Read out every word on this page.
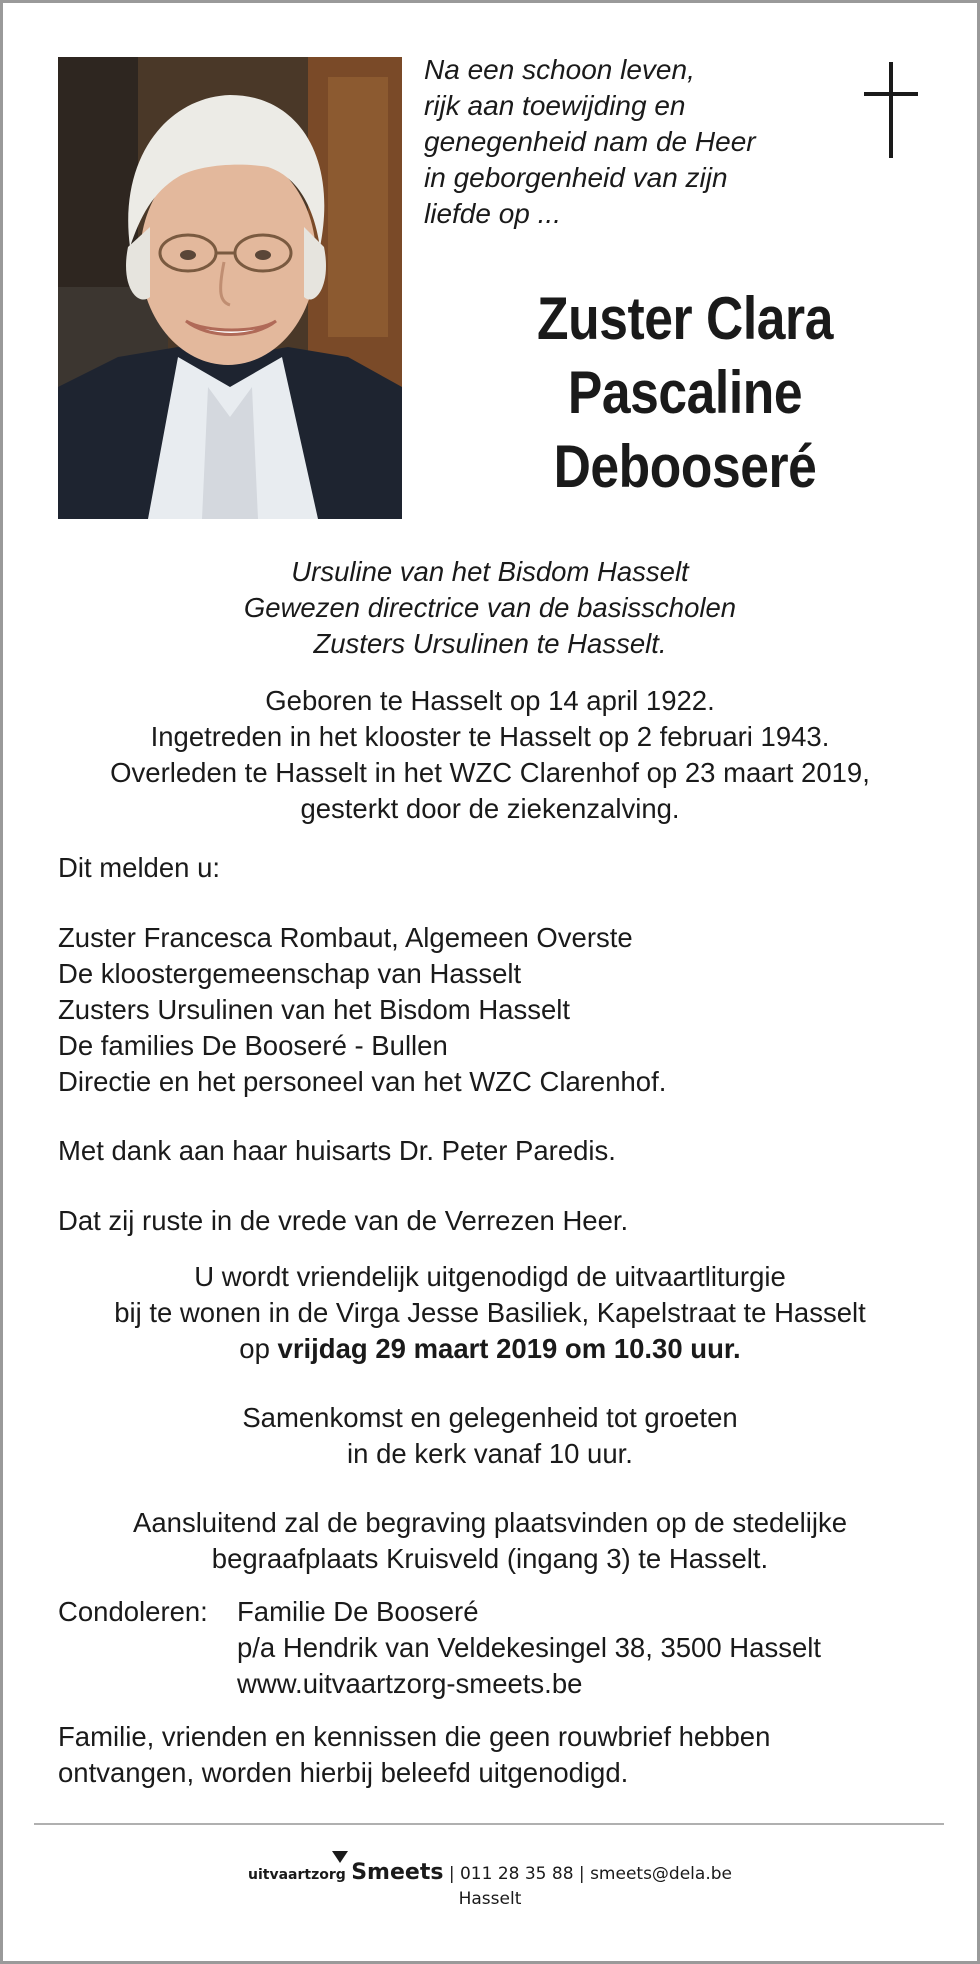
Na een schoon leven,
rijk aan toewijding en
genegenheid nam de Heer
in geborgenheid van zijn
liefde op ...
Zuster Clara
Pascaline
Debooseré
Ursuline van het Bisdom Hasselt
Gewezen directrice van de basisscholen
Zusters Ursulinen te Hasselt.
Geboren te Hasselt op 14 april 1922.
Ingetreden in het klooster te Hasselt op 2 februari 1943.
Overleden te Hasselt in het WZC Clarenhof op 23 maart 2019,
gesterkt door de ziekenzalving.
Dit melden u:
Zuster Francesca Rombaut, Algemeen Overste
De kloostergemeenschap van Hasselt
Zusters Ursulinen van het Bisdom Hasselt
De families De Booseré - Bullen
Directie en het personeel van het WZC Clarenhof.
Met dank aan haar huisarts Dr. Peter Paredis.
Dat zij ruste in de vrede van de Verrezen Heer.
U wordt vriendelijk uitgenodigd de uitvaartliturgie
bij te wonen in de Virga Jesse Basiliek, Kapelstraat te Hasselt
op vrijdag 29 maart 2019 om 10.30 uur.
Samenkomst en gelegenheid tot groeten
in de kerk vanaf 10 uur.
Aansluitend zal de begraving plaatsvinden op de stedelijke
begraafplaats Kruisveld (ingang 3) te Hasselt.
Condoleren: Familie De Booseré
p/a Hendrik van Veldekesingel 38, 3500 Hasselt
www.uitvaartzorg-smeets.be
Familie, vrienden en kennissen die geen rouwbrief hebben
ontvangen, worden hierbij beleefd uitgenodigd.
uitvaartzorg Smeets | 011 28 35 88 | smeets@dela.be
Hasselt
